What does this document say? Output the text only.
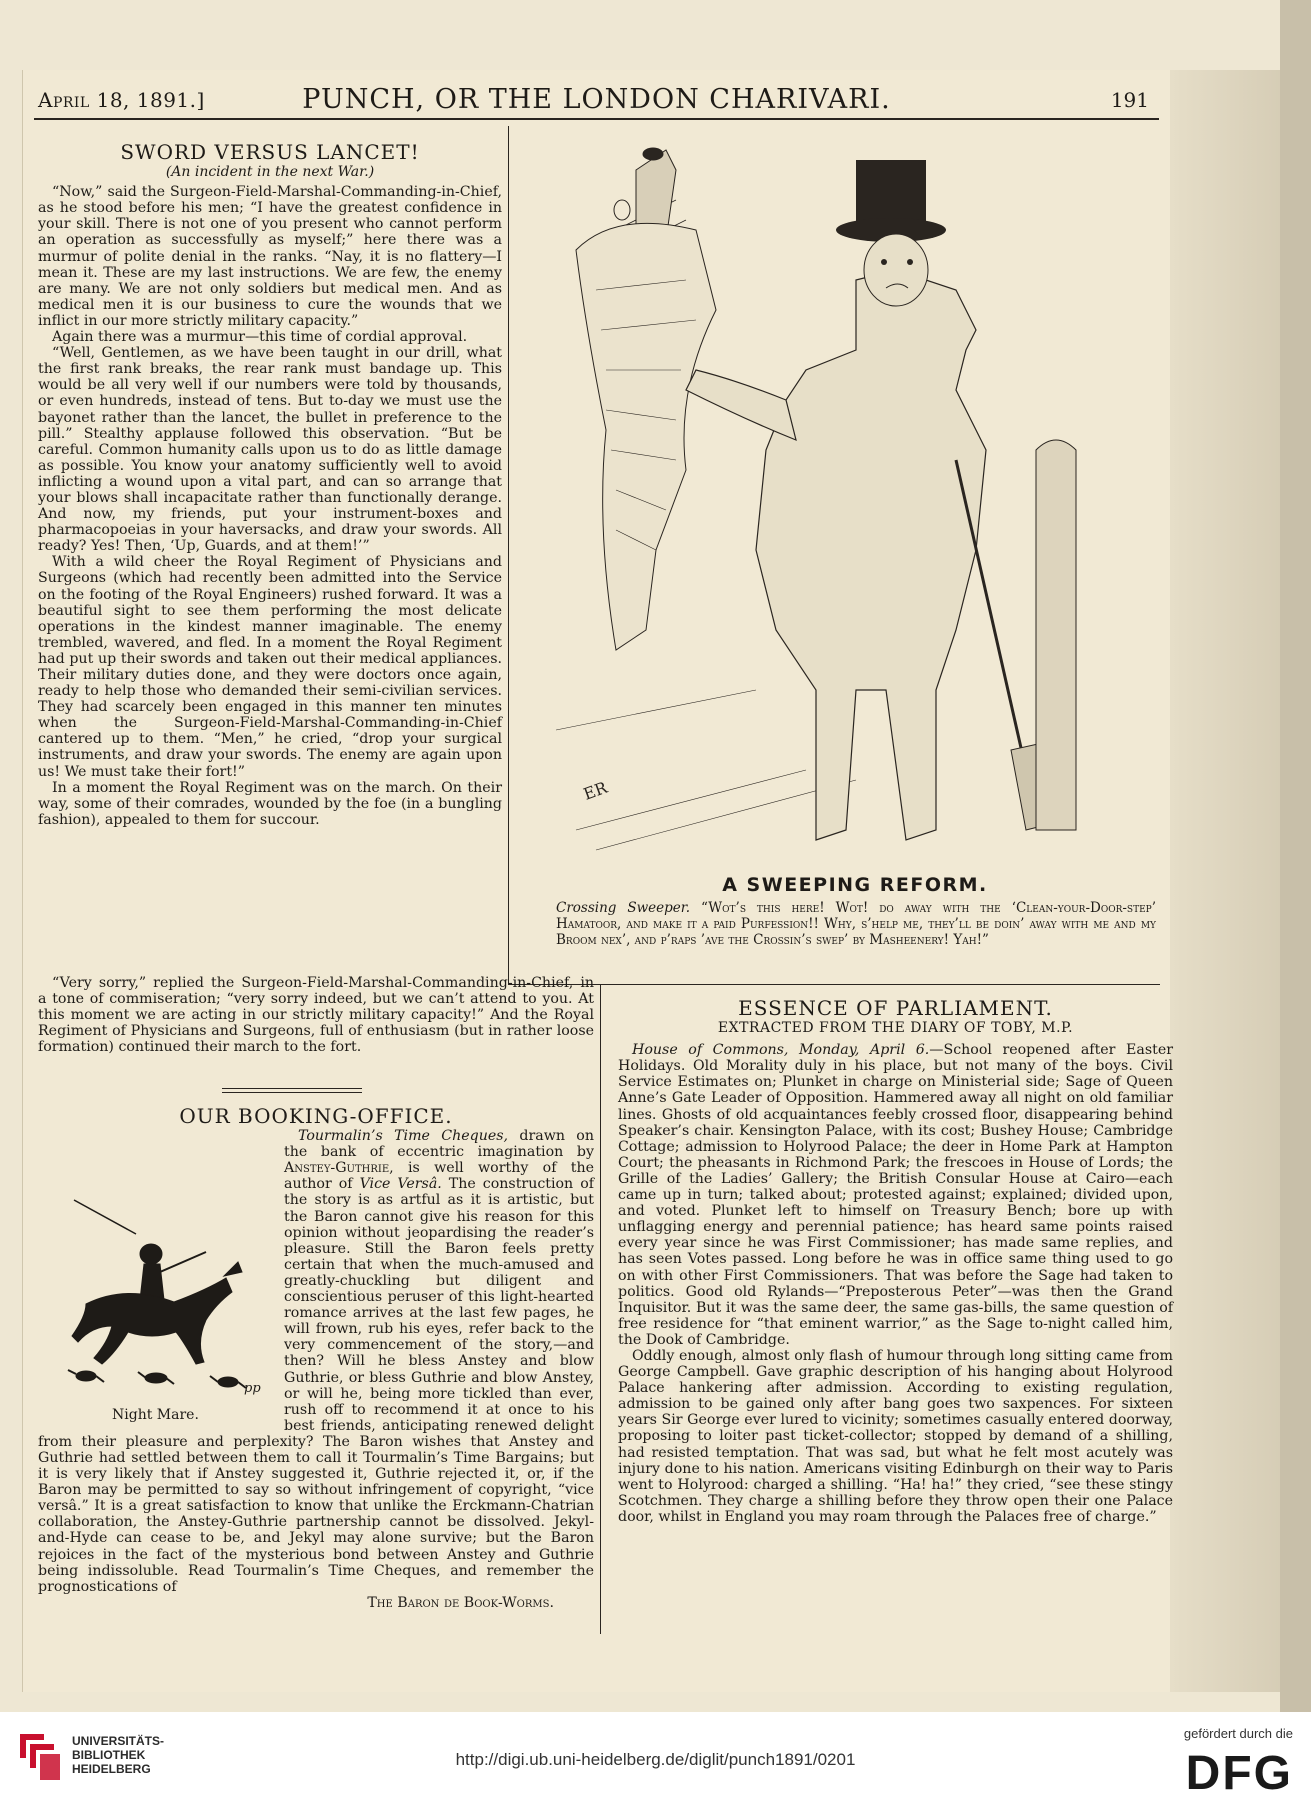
April 18, 1891.]	PUNCH, OR THE LONDON CHARIVARI.	191
SWORD VERSUS LANCET!
(An incident in the next War.)

“Now,” said the Surgeon-Field-Marshal-Commanding-in-Chief, as he stood before his men; “I have the greatest confidence in your skill. There is not one of you present who cannot perform an operation as successfully as myself;” here there was a murmur of polite denial in the ranks. “Nay, it is no flattery—I mean it. These are my last instructions. We are few, the enemy are many. We are not only soldiers but medical men. And as medical men it is our business to cure the wounds that we inflict in our more strictly military capacity.”

Again there was a murmur—this time of cordial approval.

“Well, Gentlemen, as we have been taught in our drill, what the first rank breaks, the rear rank must bandage up. This would be all very well if our numbers were told by thousands, or even hundreds, instead of tens. But to-day we must use the bayonet rather than the lancet, the bullet in preference to the pill.” Stealthy applause followed this observation. “But be careful. Common humanity calls upon us to do as little damage as possible. You know your anatomy sufficiently well to avoid inflicting a wound upon a vital part, and can so arrange that your blows shall incapacitate rather than functionally derange. And now, my friends, put your instrument-boxes and pharmacopoeias in your haversacks, and draw your swords. All ready? Yes! Then, ‘Up, Guards, and at them!’”

With a wild cheer the Royal Regiment of Physicians and Surgeons (which had recently been admitted into the Service on the footing of the Royal Engineers) rushed forward. It was a beautiful sight to see them performing the most delicate operations in the kindest manner imaginable. The enemy trembled, wavered, and fled. In a moment the Royal Regiment had put up their swords and taken out their medical appliances. Their military duties done, and they were doctors once again, ready to help those who demanded their semi-civilian services. They had scarcely been engaged in this manner ten minutes when the Surgeon-Field-Marshal-Commanding-in-Chief cantered up to them. “Men,” he cried, “drop your surgical instruments, and draw your swords. The enemy are again upon us! We must take their fort!”

In a moment the Royal Regiment was on the march. On their way, some of their comrades, wounded by the foe (in a bungling fashion), appealed to them for succour.

“Very sorry,” replied the Surgeon-Field-Marshal-Commanding-in-Chief, in a tone of commiseration; “very sorry indeed, but we can’t attend to you. At this moment we are acting in our strictly military capacity!” And the Royal Regiment of Physicians and Surgeons, full of enthusiasm (but in rather loose formation) continued their march to the fort.

OUR BOOKING-OFFICE.
Tourmalin’s Time Cheques, drawn on the bank of eccentric imagination by Anstey-Guthrie, is well worthy of the author of Vice Versâ. The construction of the story is as artful as it is artistic, but the Baron cannot give his reason for this opinion without jeopardising the reader’s pleasure. Still the Baron feels pretty certain that when the much-amused and greatly-chuckling but diligent and conscientious peruser of this light-hearted romance arrives at the last few pages, he will frown, rub his eyes, refer back to the very commencement of the story,—and then? Will he bless Anstey and blow Guthrie, or bless Guthrie and blow Anstey, or will he, being more tickled than ever, rush off to recommend it at once to his best friends, anticipating renewed delight from their pleasure and perplexity? The Baron wishes that Anstey and Guthrie had settled between them to call it Tourmalin’s Time Bargains; but it is very likely that if Anstey suggested it, Guthrie rejected it, or, if the Baron may be permitted to say so without infringement of copyright, “vice versâ.” It is a great satisfaction to know that unlike the Erckmann-Chatrian collaboration, the Anstey-Guthrie partnership cannot be dissolved. Jekyl-and-Hyde can cease to be, and Jekyl may alone survive; but the Baron rejoices in the fact of the mysterious bond between Anstey and Guthrie being indissoluble. Read Tourmalin’s Time Cheques, and remember the prognostications of
The Baron de Book-Worms.
pp
Night Mare.
ER
A SWEEPING REFORM.
Crossing Sweeper. “Wot’s this here! Wot! do away with the ‘Clean-your-Door-step’ Hamatoor, and make it a paid Purfession!! Why, s’help me, they’ll be doin’ away with me and my Broom nex’, and p’raps ’ave the Crossin’s swep’ by Masheenery! Yah!”
ESSENCE OF PARLIAMENT.
EXTRACTED FROM THE DIARY OF TOBY, M.P.

House of Commons, Monday, April 6.—School reopened after Easter Holidays. Old Morality duly in his place, but not many of the boys. Civil Service Estimates on; Plunket in charge on Ministerial side; Sage of Queen Anne’s Gate Leader of Opposition. Hammered away all night on old familiar lines. Ghosts of old acquaintances feebly crossed floor, disappearing behind Speaker’s chair. Kensington Palace, with its cost; Bushey House; Cambridge Cottage; admission to Holyrood Palace; the deer in Home Park at Hampton Court; the pheasants in Richmond Park; the frescoes in House of Lords; the Grille of the Ladies’ Gallery; the British Consular House at Cairo—each came up in turn; talked about; protested against; explained; divided upon, and voted. Plunket left to himself on Treasury Bench; bore up with unflagging energy and perennial patience; has heard same points raised every year since he was First Commissioner; has made same replies, and has seen Votes passed. Long before he was in office same thing used to go on with other First Commissioners. That was before the Sage had taken to politics. Good old Rylands—“Preposterous Peter”—was then the Grand Inquisitor. But it was the same deer, the same gas-bills, the same question of free residence for “that eminent warrior,” as the Sage to-night called him, the Dook of Cambridge.

Oddly enough, almost only flash of humour through long sitting came from George Campbell. Gave graphic description of his hanging about Holyrood Palace hankering after admission. According to existing regulation, admission to be gained only after bang goes two saxpences. For sixteen years Sir George ever lured to vicinity; sometimes casually entered doorway, proposing to loiter past ticket-collector; stopped by demand of a shilling, had resisted temptation. That was sad, but what he felt most acutely was injury done to his nation. Americans visiting Edinburgh on their way to Paris went to Holyrood: charged a shilling. “Ha! ha!” they cried, “see these stingy Scotchmen. They charge a shilling before they throw open their one Palace door, whilst in England you may roam through the Palaces free of charge.”

UNIVERSITÄTS-
BIBLIOTHEK
HEIDELBERG	http://digi.ub.uni-heidelberg.de/diglit/punch1891/0201
gefördert durch die
DFG
